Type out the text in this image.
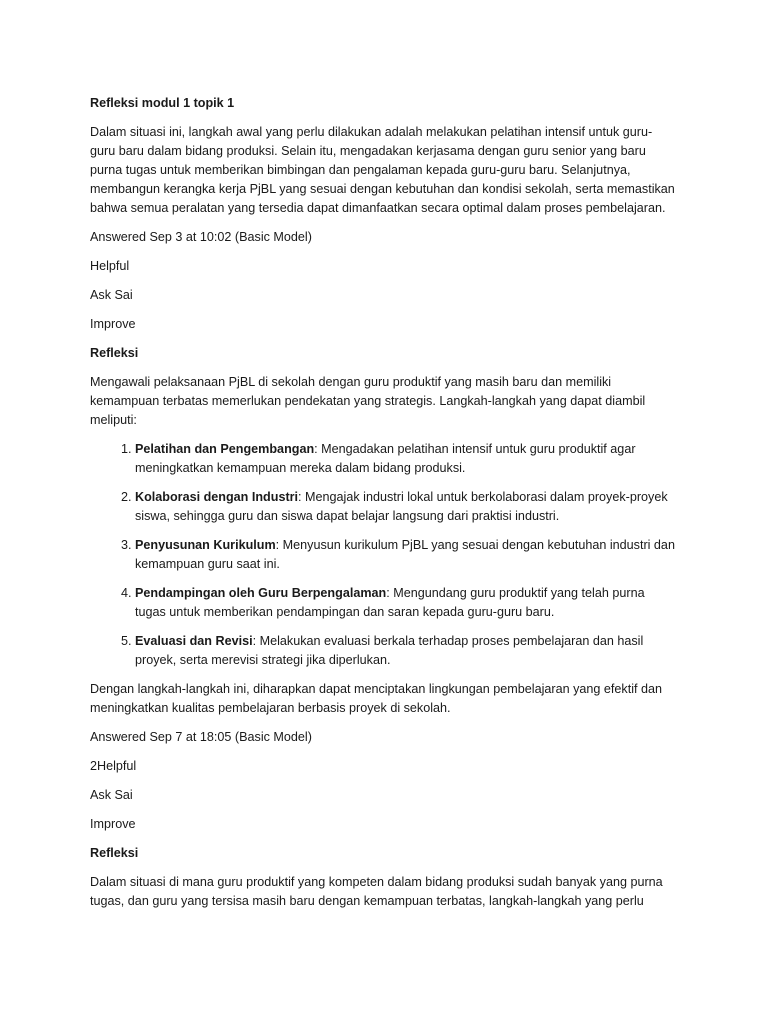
Refleksi modul 1 topik 1

Dalam situasi ini, langkah awal yang perlu dilakukan adalah melakukan pelatihan intensif untuk guru-guru baru dalam bidang produksi. Selain itu, mengadakan kerjasama dengan guru senior yang baru purna tugas untuk memberikan bimbingan dan pengalaman kepada guru-guru baru. Selanjutnya, membangun kerangka kerja PjBL yang sesuai dengan kebutuhan dan kondisi sekolah, serta memastikan bahwa semua peralatan yang tersedia dapat dimanfaatkan secara optimal dalam proses pembelajaran.

Answered Sep 3 at 10:02 (Basic Model)

Helpful

Ask Sai

Improve

Refleksi

Mengawali pelaksanaan PjBL di sekolah dengan guru produktif yang masih baru dan memiliki kemampuan terbatas memerlukan pendekatan yang strategis. Langkah-langkah yang dapat diambil meliputi:

1. Pelatihan dan Pengembangan: Mengadakan pelatihan intensif untuk guru produktif agar meningkatkan kemampuan mereka dalam bidang produksi.
2. Kolaborasi dengan Industri: Mengajak industri lokal untuk berkolaborasi dalam proyek-proyek siswa, sehingga guru dan siswa dapat belajar langsung dari praktisi industri.
3. Penyusunan Kurikulum: Menyusun kurikulum PjBL yang sesuai dengan kebutuhan industri dan kemampuan guru saat ini.
4. Pendampingan oleh Guru Berpengalaman: Mengundang guru produktif yang telah purna tugas untuk memberikan pendampingan dan saran kepada guru-guru baru.
5. Evaluasi dan Revisi: Melakukan evaluasi berkala terhadap proses pembelajaran dan hasil proyek, serta merevisi strategi jika diperlukan.

Dengan langkah-langkah ini, diharapkan dapat menciptakan lingkungan pembelajaran yang efektif dan meningkatkan kualitas pembelajaran berbasis proyek di sekolah.

Answered Sep 7 at 18:05 (Basic Model)

2Helpful

Ask Sai

Improve

Refleksi

Dalam situasi di mana guru produktif yang kompeten dalam bidang produksi sudah banyak yang purna tugas, dan guru yang tersisa masih baru dengan kemampuan terbatas, langkah-langkah yang perlu
